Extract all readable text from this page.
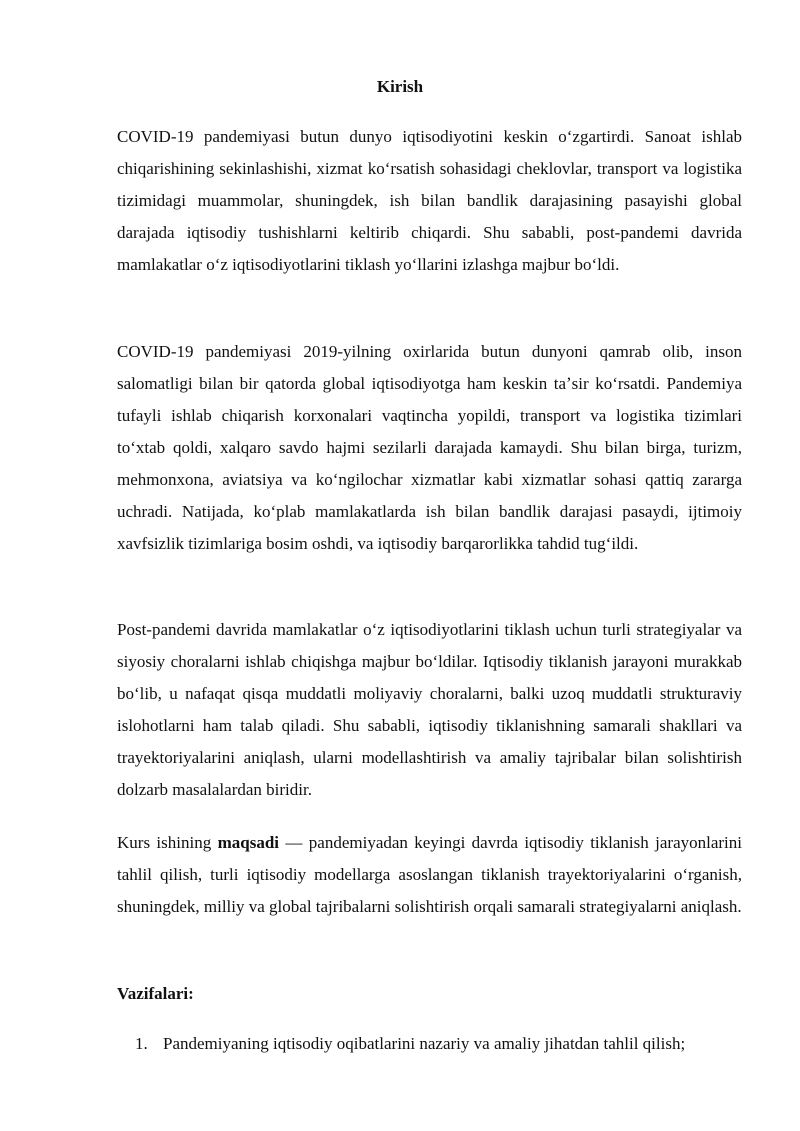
Kirish

COVID-19 pandemiyasi butun dunyo iqtisodiyotini keskin oʻzgartirdi. Sanoat ishlab chiqarishining sekinlashishi, xizmat koʻrsatish sohasidagi cheklovlar, transport va logistika tizimidagi muammolar, shuningdek, ish bilan bandlik darajasining pasayishi global darajada iqtisodiy tushishlarni keltirib chiqardi. Shu sababli, post-pandemi davrida mamlakatlar oʻz iqtisodiyotlarini tiklash yoʻllarini izlashga majbur boʻldi.

COVID-19 pandemiyasi 2019-yilning oxirlarida butun dunyoni qamrab olib, inson salomatligi bilan bir qatorda global iqtisodiyotga ham keskin taʼsir koʻrsatdi. Pandemiya tufayli ishlab chiqarish korxonalari vaqtincha yopildi, transport va logistika tizimlari toʻxtab qoldi, xalqaro savdo hajmi sezilarli darajada kamaydi. Shu bilan birga, turizm, mehmonxona, aviatsiya va koʻngilochar xizmatlar kabi xizmatlar sohasi qattiq zararga uchradi. Natijada, koʻplab mamlakatlarda ish bilan bandlik darajasi pasaydi, ijtimoiy xavfsizlik tizimlariga bosim oshdi, va iqtisodiy barqarorlikka tahdid tugʻildi.

Post-pandemi davrida mamlakatlar oʻz iqtisodiyotlarini tiklash uchun turli strategiyalar va siyosiy choralarni ishlab chiqishga majbur boʻldilar. Iqtisodiy tiklanish jarayoni murakkab boʻlib, u nafaqat qisqa muddatli moliyaviy choralarni, balki uzoq muddatli strukturaviy islohotlarni ham talab qiladi. Shu sababli, iqtisodiy tiklanishning samarali shakllari va trayektoriyalarini aniqlash, ularni modellashtirish va amaliy tajribalar bilan solishtirish dolzarb masalalardan biridir.

Kurs ishining maqsadi — pandemiyadan keyingi davrda iqtisodiy tiklanish jarayonlarini tahlil qilish, turli iqtisodiy modellarga asoslangan tiklanish trayektoriyalarini oʻrganish, shuningdek, milliy va global tajribalarni solishtirish orqali samarali strategiyalarni aniqlash.

Vazifalari:
1. Pandemiyaning iqtisodiy oqibatlarini nazariy va amaliy jihatdan tahlil qilish;
